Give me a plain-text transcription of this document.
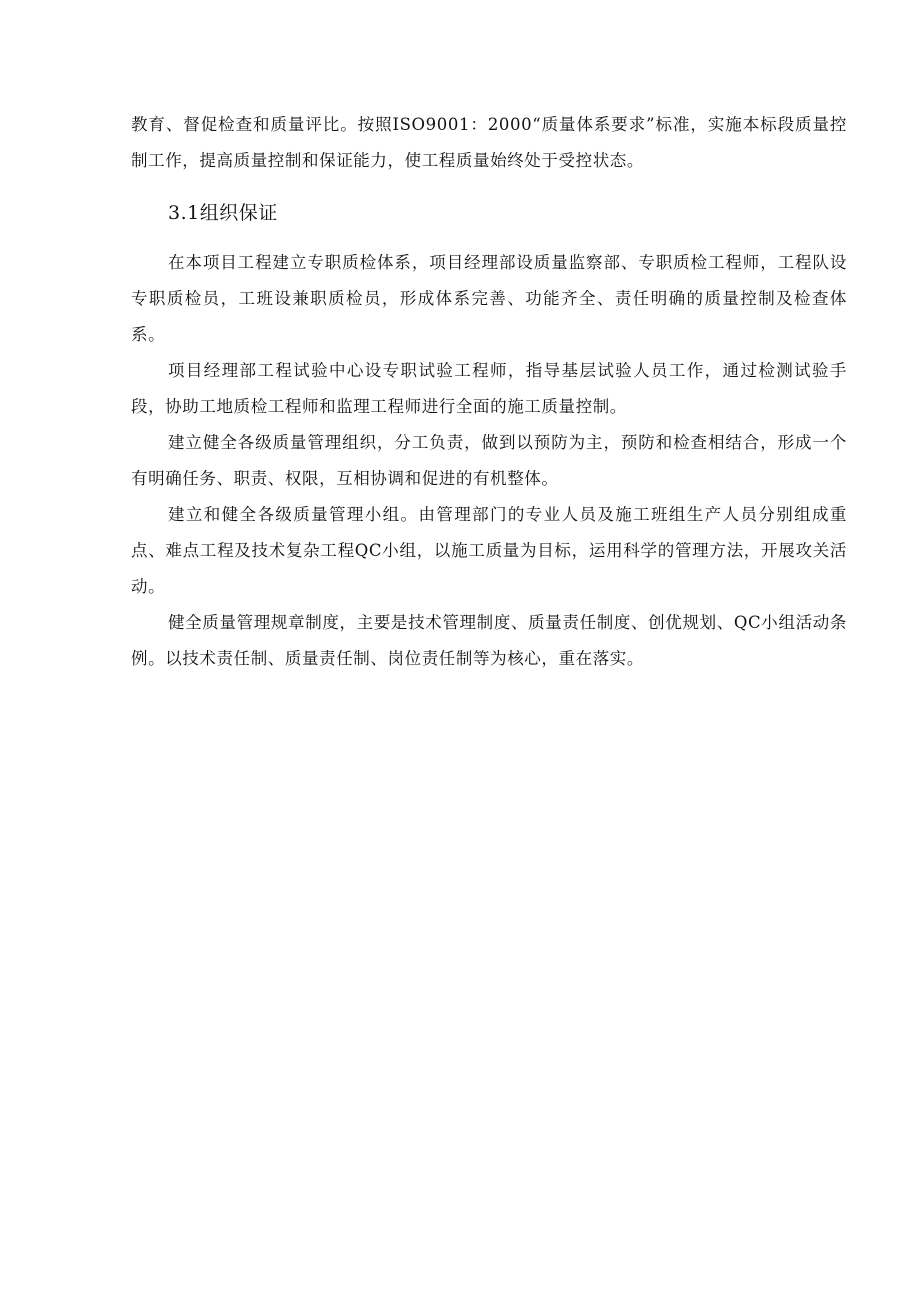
教育、督促检查和质量评比。按照ISO9001：2000“质量体系要求”标准，实施本标段质量控制工作，提高质量控制和保证能力，使工程质量始终处于受控状态。

3.1组织保证

在本项目工程建立专职质检体系，项目经理部设质量监察部、专职质检工程师，工程队设专职质检员，工班设兼职质检员，形成体系完善、功能齐全、责任明确的质量控制及检查体系。

项目经理部工程试验中心设专职试验工程师，指导基层试验人员工作，通过检测试验手段，协助工地质检工程师和监理工程师进行全面的施工质量控制。

建立健全各级质量管理组织，分工负责，做到以预防为主，预防和检查相结合，形成一个有明确任务、职责、权限，互相协调和促进的有机整体。

建立和健全各级质量管理小组。由管理部门的专业人员及施工班组生产人员分别组成重点、难点工程及技术复杂工程QC小组，以施工质量为目标，运用科学的管理方法，开展攻关活动。

健全质量管理规章制度，主要是技术管理制度、质量责任制度、创优规划、QC小组活动条例。以技术责任制、质量责任制、岗位责任制等为核心，重在落实。
